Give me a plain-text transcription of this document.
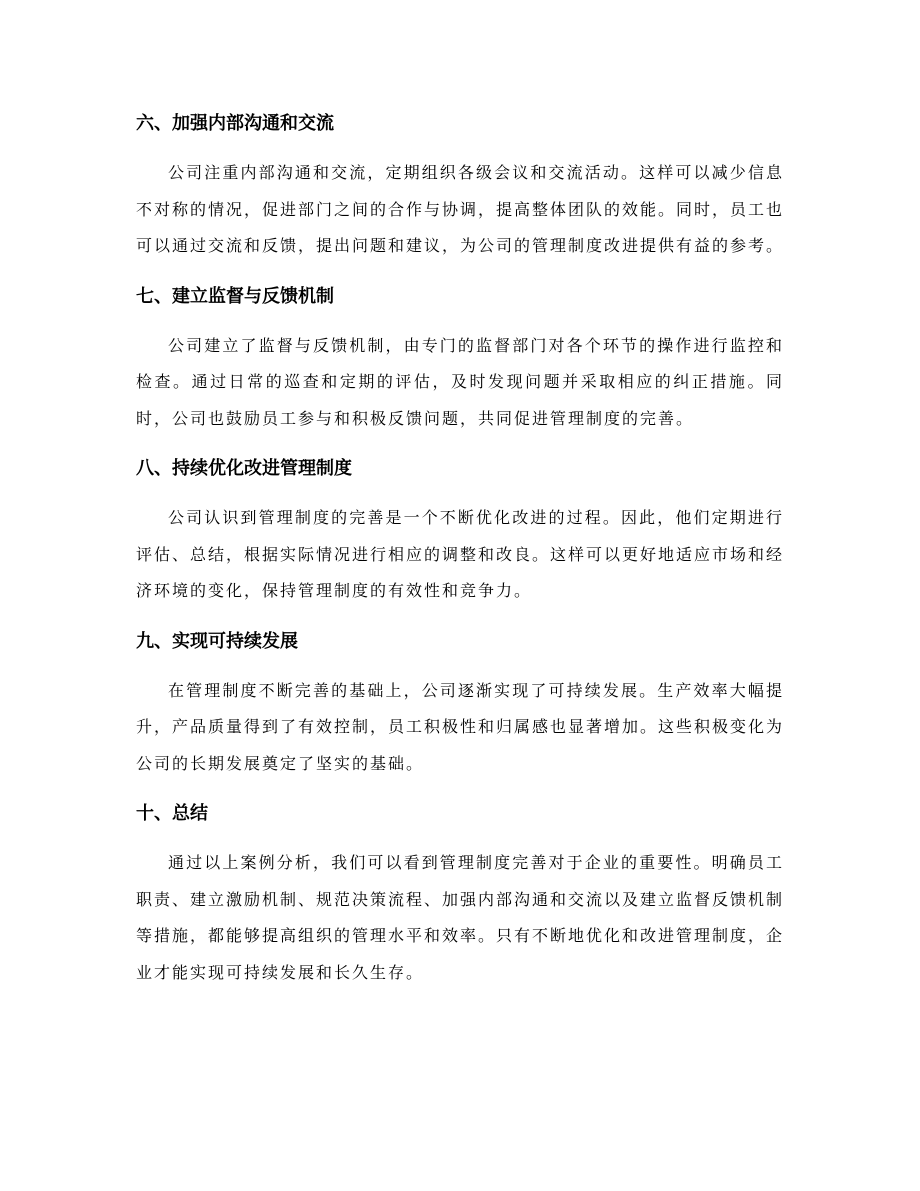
六、加强内部沟通和交流

公司注重内部沟通和交流，定期组织各级会议和交流活动。这样可以减少信息不对称的情况，促进部门之间的合作与协调，提高整体团队的效能。同时，员工也可以通过交流和反馈，提出问题和建议，为公司的管理制度改进提供有益的参考。

七、建立监督与反馈机制

公司建立了监督与反馈机制，由专门的监督部门对各个环节的操作进行监控和检查。通过日常的巡查和定期的评估，及时发现问题并采取相应的纠正措施。同时，公司也鼓励员工参与和积极反馈问题，共同促进管理制度的完善。

八、持续优化改进管理制度

公司认识到管理制度的完善是一个不断优化改进的过程。因此，他们定期进行评估、总结，根据实际情况进行相应的调整和改良。这样可以更好地适应市场和经济环境的变化，保持管理制度的有效性和竞争力。

九、实现可持续发展

在管理制度不断完善的基础上，公司逐渐实现了可持续发展。生产效率大幅提升，产品质量得到了有效控制，员工积极性和归属感也显著增加。这些积极变化为公司的长期发展奠定了坚实的基础。

十、总结

通过以上案例分析，我们可以看到管理制度完善对于企业的重要性。明确员工职责、建立激励机制、规范决策流程、加强内部沟通和交流以及建立监督反馈机制等措施，都能够提高组织的管理水平和效率。只有不断地优化和改进管理制度，企业才能实现可持续发展和长久生存。
